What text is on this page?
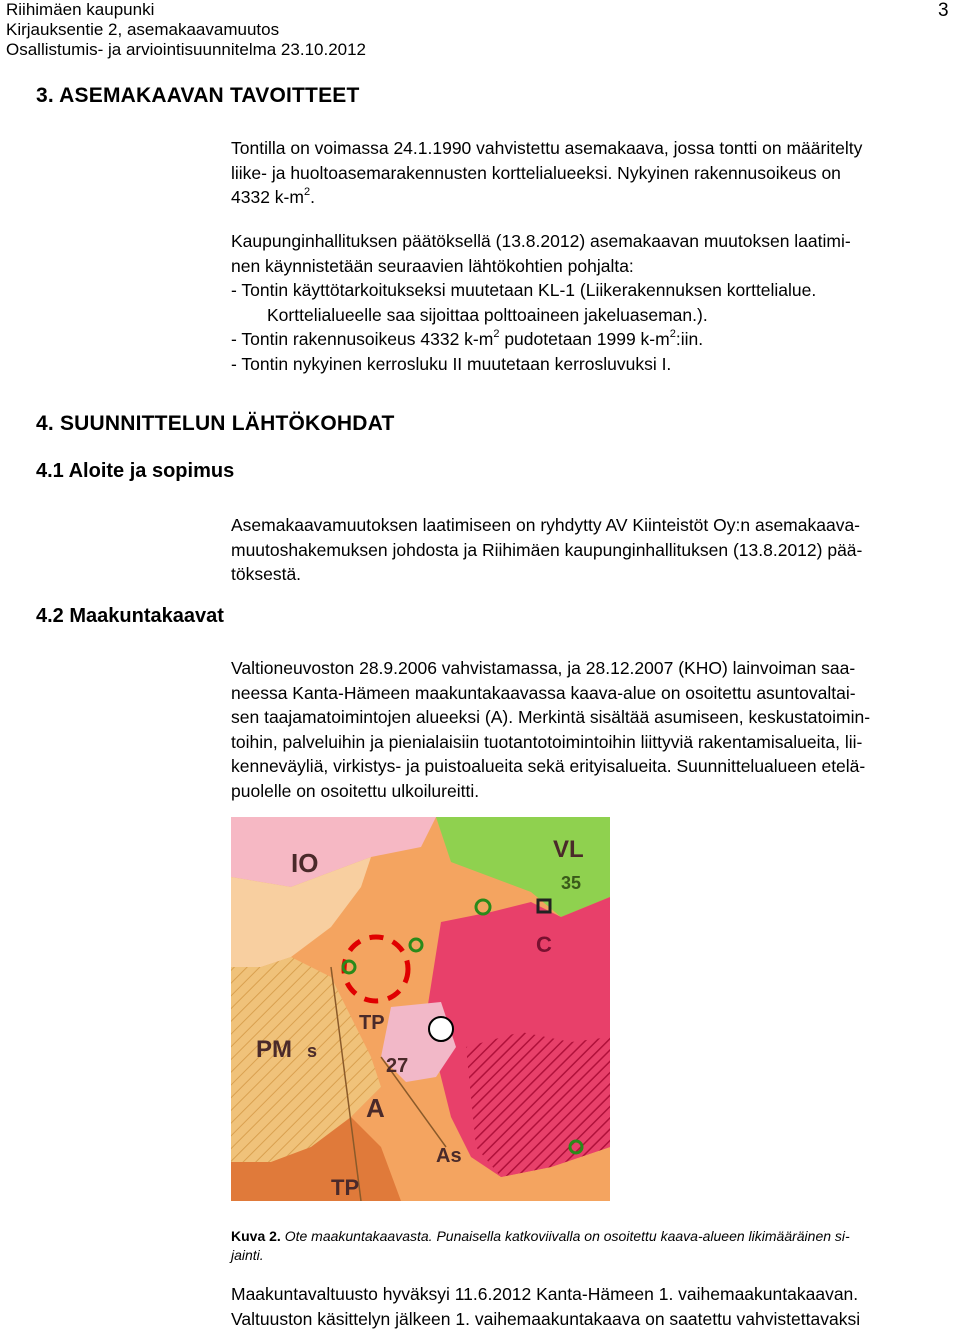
Riihimäen kaupunki
Kirjauksentie 2, asemakaavamuutos
Osallistumis- ja arviointisuunnitelma 23.10.2012
3
3. ASEMAKAAVAN TAVOITTEET
Tontilla on voimassa 24.1.1990 vahvistettu asemakaava, jossa tontti on määritelty
liike- ja huoltoasemarakennusten korttelialueeksi. Nykyinen rakennusoikeus on
4332 $k-m^2$.
Kaupunginhallituksen päätöksellä (13.8.2012) asemakaavan muutoksen laatimi-
nen käynnistetään seuraavien lähtökohtien pohjalta:
- Tontin käyttötarkoitukseksi muutetaan KL-1 (Liikerakennuksen korttelialue.
Korttelialueelle saa sijoittaa polttoaineen jakeluaseman.).
- Tontin rakennusoikeus 4332 $k-m^2$ pudotetaan 1999 $k-m^2:iin$.
- Tontin nykyinen kerrosluku II muutetaan kerrosluvuksi I.
4. SUUNNITTELUN LÄHTÖKOHDAT
4.1 Aloite ja sopimus
Asemakaavamuutoksen laatimiseen on ryhdytty AV Kiinteistöt Oy:n asemakaava-
muutoshakemuksen johdosta ja Riihimäen kaupunginhallituksen (13.8.2012) pää-
töksestä.
4.2 Maakuntakaavat
Valtioneuvoston 28.9.2006 vahvistamassa, ja 28.12.2007 (KHO) lainvoiman saa-
neessa Kanta-Hämeen maakuntakaavassa kaava-alue on osoitettu asuntovaltai-
sen taajamatoimintojen alueeksi (A). Merkintä sisältää asumiseen, keskustatoimin-
toihin, palveluihin ja pienialaisiin tuotantotoimintoihin liittyviä rakentamisalueita, lii-
kenneväyliä, virkistys- ja puistoalueita sekä erityisalueita. Suunnittelualueen etelä-
puolelle on osoitettu ulkoilureitti.
IO	VL
35
C
TP
PM s
27
A
As
TP
Kuva 2. Ote maakuntakaavasta. Punaisella katkoviivalla on osoitettu kaava-alueen likimääräinen si-
jainti.
Maakuntavaltuusto hyväksyi 11.6.2012 Kanta-Hämeen 1. vaihemaakuntakaavan.
Valtuuston käsittelyn jälkeen 1. vaihemaakuntakaava on saatettu vahvistettavaksi
